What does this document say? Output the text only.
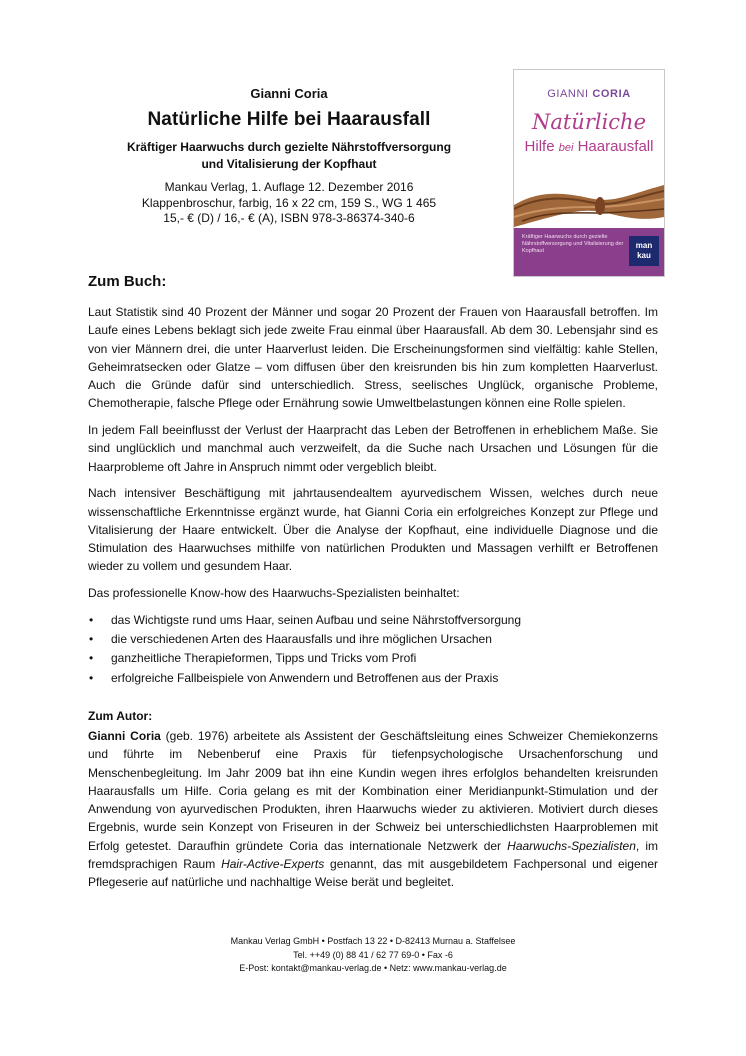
Gianni Coria
Natürliche Hilfe bei Haarausfall
Kräftiger Haarwuchs durch gezielte Nährstoffversorgung
und Vitalisierung der Kopfhaut
Mankau Verlag, 1. Auflage 12. Dezember 2016
Klappenbroschur, farbig, 16 x 22 cm, 159 S., WG 1 465
15,- € (D) / 16,- € (A), ISBN 978-3-86374-340-6
GIANNI CORIA
Natürliche
Hilfe bei Haarausfall
Kräftiger Haarwuchs durch gezielte Nährstoffversorgung und Vitalisierung der Kopfhaut
man
kau
Zum Buch:

Laut Statistik sind 40 Prozent der Männer und sogar 20 Prozent der Frauen von Haarausfall betroffen. Im Laufe eines Lebens beklagt sich jede zweite Frau einmal über Haarausfall. Ab dem 30. Lebensjahr sind es von vier Männern drei, die unter Haarverlust leiden. Die Erscheinungsformen sind vielfältig: kahle Stellen, Geheimratsecken oder Glatze – vom diffusen über den kreisrunden bis hin zum kompletten Haarverlust. Auch die Gründe dafür sind unterschiedlich. Stress, seelisches Unglück, organische Probleme, Chemotherapie, falsche Pflege oder Ernährung sowie Umweltbelastungen können eine Rolle spielen.

In jedem Fall beeinflusst der Verlust der Haarpracht das Leben der Betroffenen in erheblichem Maße. Sie sind unglücklich und manchmal auch verzweifelt, da die Suche nach Ursachen und Lösungen für die Haarprobleme oft Jahre in Anspruch nimmt oder vergeblich bleibt.

Nach intensiver Beschäftigung mit jahrtausendealtem ayurvedischem Wissen, welches durch neue wissenschaftliche Erkenntnisse ergänzt wurde, hat Gianni Coria ein erfolgreiches Konzept zur Pflege und Vitalisierung der Haare entwickelt. Über die Analyse der Kopfhaut, eine individuelle Diagnose und die Stimulation des Haarwuchses mithilfe von natürlichen Produkten und Massagen verhilft er Betroffenen wieder zu vollem und gesundem Haar.

Das professionelle Know-how des Haarwuchs-Spezialisten beinhaltet:

• das Wichtigste rund ums Haar, seinen Aufbau und seine Nährstoffversorgung
• die verschiedenen Arten des Haarausfalls und ihre möglichen Ursachen
• ganzheitliche Therapieformen, Tipps und Tricks vom Profi
• erfolgreiche Fallbeispiele von Anwendern und Betroffenen aus der Praxis
Zum Autor:

Gianni Coria (geb. 1976) arbeitete als Assistent der Geschäftsleitung eines Schweizer Chemiekonzerns und führte im Nebenberuf eine Praxis für tiefenpsychologische Ursachenforschung und Menschenbegleitung. Im Jahr 2009 bat ihn eine Kundin wegen ihres erfolglos behandelten kreisrunden Haarausfalls um Hilfe. Coria gelang es mit der Kombination einer Meridianpunkt-Stimulation und der Anwendung von ayurvedischen Produkten, ihren Haarwuchs wieder zu aktivieren. Motiviert durch dieses Ergebnis, wurde sein Konzept von Friseuren in der Schweiz bei unterschiedlichsten Haarproblemen mit Erfolg getestet. Daraufhin gründete Coria das internationale Netzwerk der Haarwuchs-Spezialisten, im fremdsprachigen Raum Hair-Active-Experts genannt, das mit ausgebildetem Fachpersonal und eigener Pflegeserie auf natürliche und nachhaltige Weise berät und begleitet.

Mankau Verlag GmbH • Postfach 13 22 • D-82413 Murnau a. Staffelsee
Tel. ++49 (0) 88 41 / 62 77 69-0 • Fax -6
E-Post: kontakt@mankau-verlag.de • Netz: www.mankau-verlag.de
